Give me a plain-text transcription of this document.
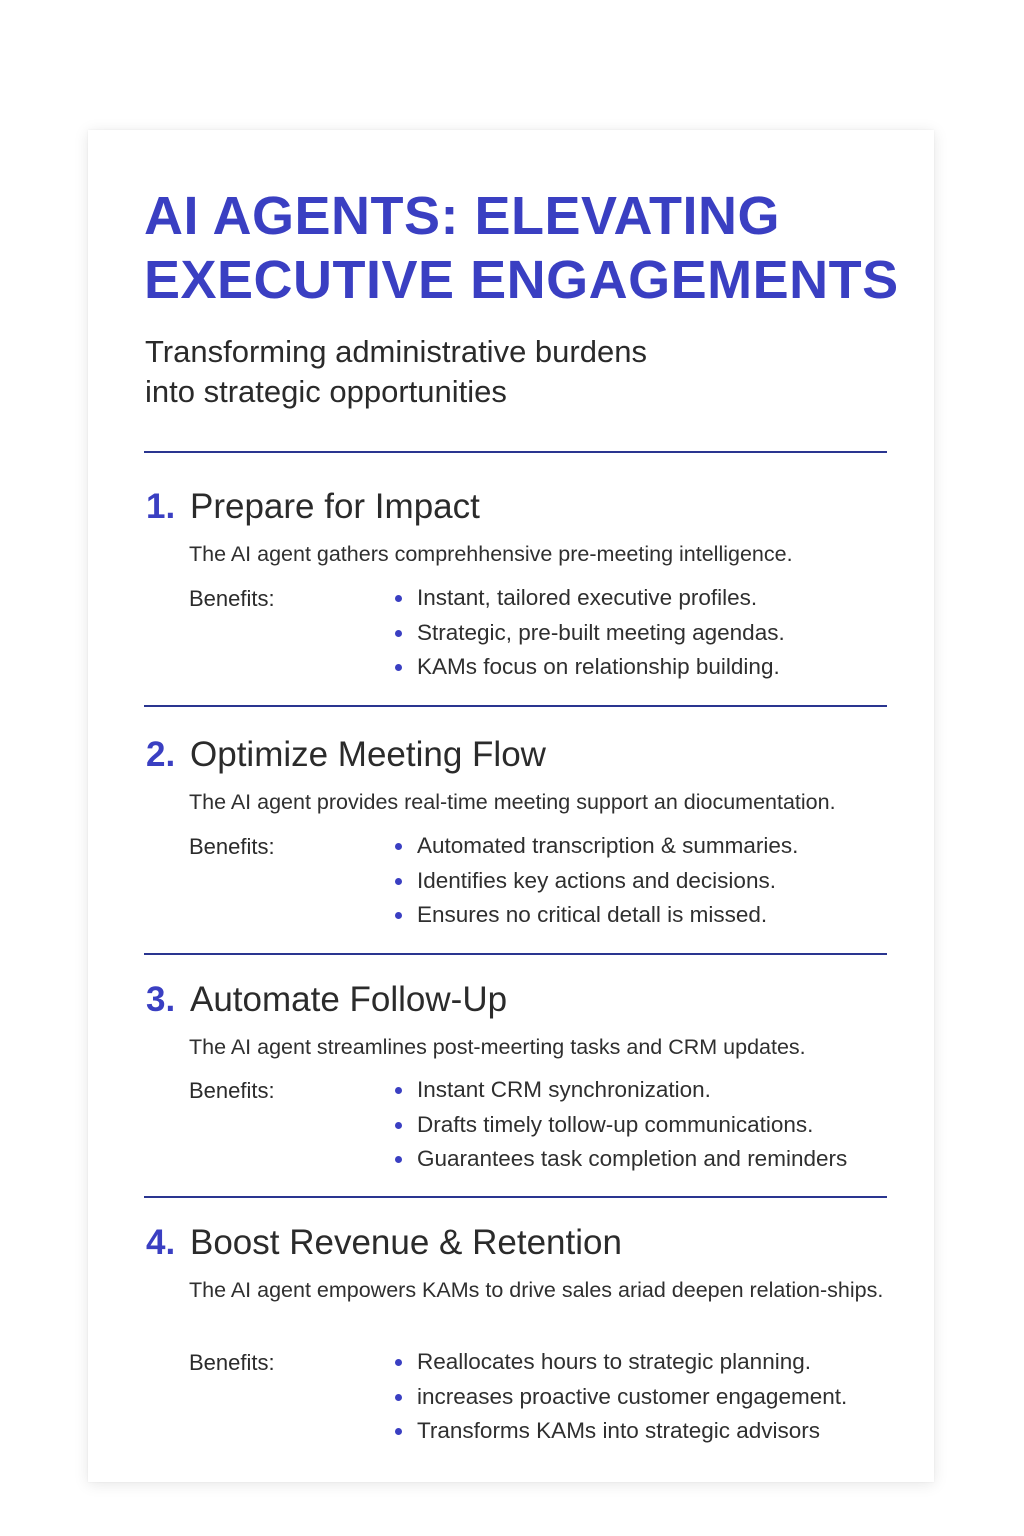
AI AGENTS: ELEVATING
EXECUTIVE ENGAGEMENTS
Transforming administrative burdens
into strategic opportunities
1. Prepare for Impact
The AI agent gathers comprehhensive pre-meeting intelligence.
Benefits:	Instant, tailored executive profiles.
Strategic, pre-built meeting agendas.
KAMs focus on relationship building.
2. Optimize Meeting Flow
The AI agent provides real-time meeting support an diocumentation.
Benefits:	Automated transcription & summaries.
Identifies key actions and decisions.
Ensures no critical detall is missed.
3. Automate Follow-Up
The AI agent streamlines post-meerting tasks and CRM updates.
Benefits:	Instant CRM synchronization.
Drafts timely tollow-up communications.
Guarantees task completion and reminders
4. Boost Revenue & Retention
The AI agent empowers KAMs to drive sales ariad deepen relation-ships.
Benefits:	Reallocates hours to strategic planning.
increases proactive customer engagement.
Transforms KAMs into strategic advisors
